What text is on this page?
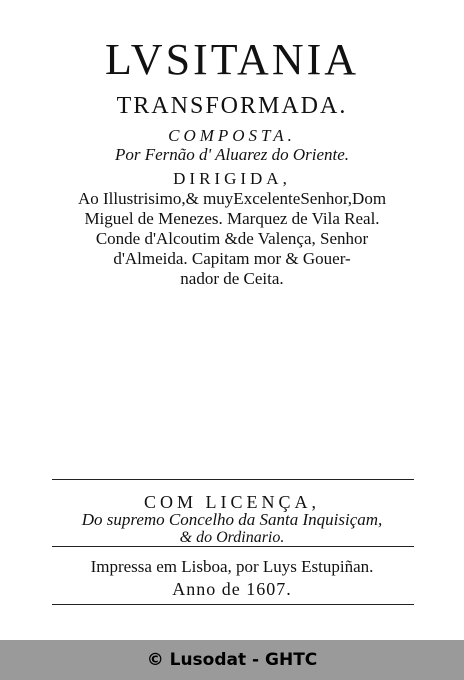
LVSITANIA
TRANSFORMADA.
COMPOSTA.
Por Fernão d' Aluarez do Oriente.
DIRIGIDA,
Ao Illustrisimo,& muyExcelenteSenhor,Dom
Miguel de Menezes. Marquez de Vila Real.
Conde d'Alcoutim &de Valença, Senhor
d'Almeida. Capitam mor & Gouer-
nador de Ceita.
COM LICENÇA,
Do supremo Concelho da Santa Inquisiçam,
& do Ordinario.
Impressa em Lisboa, por Luys Estupiñan.
Anno de 1607.
© Lusodat - GHTC
